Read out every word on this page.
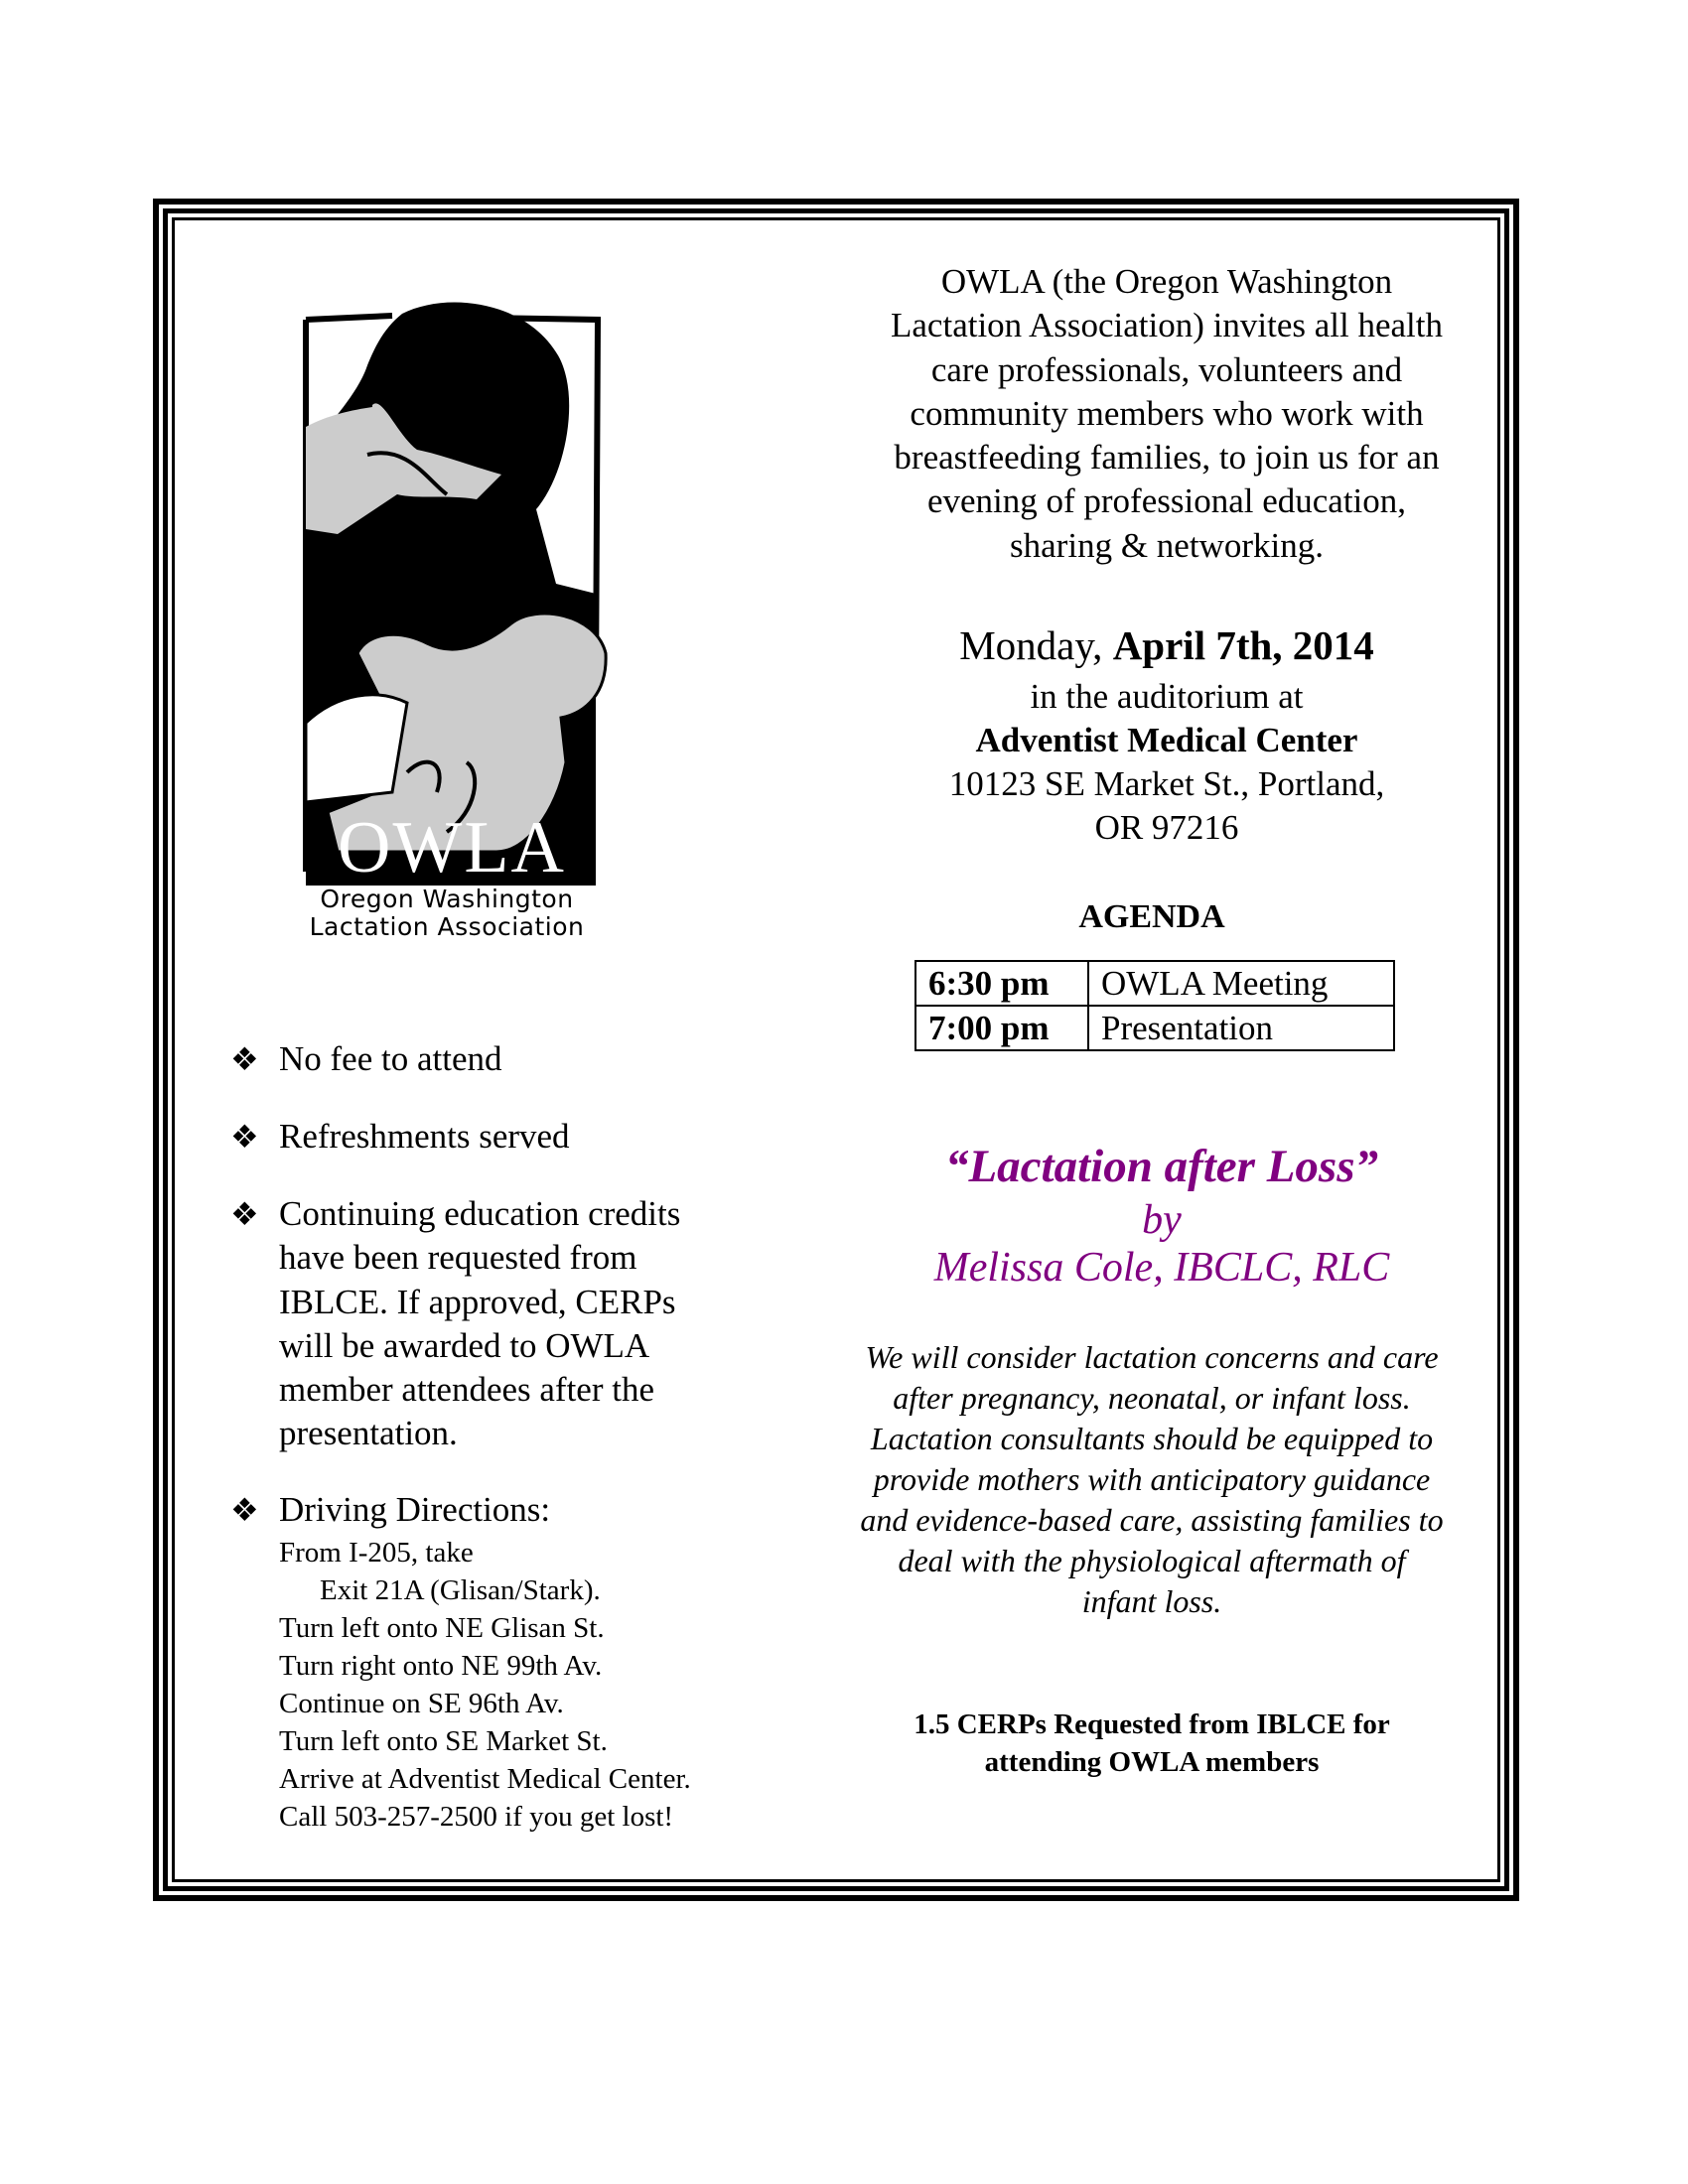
OWLA
Oregon Washington
Lactation Association
OWLA (the Oregon Washington
Lactation Association) invites all health
care professionals, volunteers and
community members who work with
breastfeeding families, to join us for an
evening of professional education,
sharing & networking.
Monday, April 7th, 2014
in the auditorium at
Adventist Medical Center
10123 SE Market St., Portland,
OR 97216
AGENDA
6:30 pm	OWLA Meeting
7:00 pm	Presentation
“Lactation after Loss”
by
Melissa Cole, IBCLC, RLC
We will consider lactation concerns and care
after pregnancy, neonatal, or infant loss.
Lactation consultants should be equipped to
provide mothers with anticipatory guidance
and evidence-based care, assisting families to
deal with the physiological aftermath of
infant loss.
1.5 CERPs Requested from IBLCE for
attending OWLA members
❖ No fee to attend
❖ Refreshments served
❖ Continuing education credits
have been requested from
IBLCE. If approved, CERPs
will be awarded to OWLA
member attendees after the
presentation.
❖ Driving Directions:
From I-205, take
Exit 21A (Glisan/Stark).
Turn left onto NE Glisan St.
Turn right onto NE 99th Av.
Continue on SE 96th Av.
Turn left onto SE Market St.
Arrive at Adventist Medical Center.
Call 503-257-2500 if you get lost!
